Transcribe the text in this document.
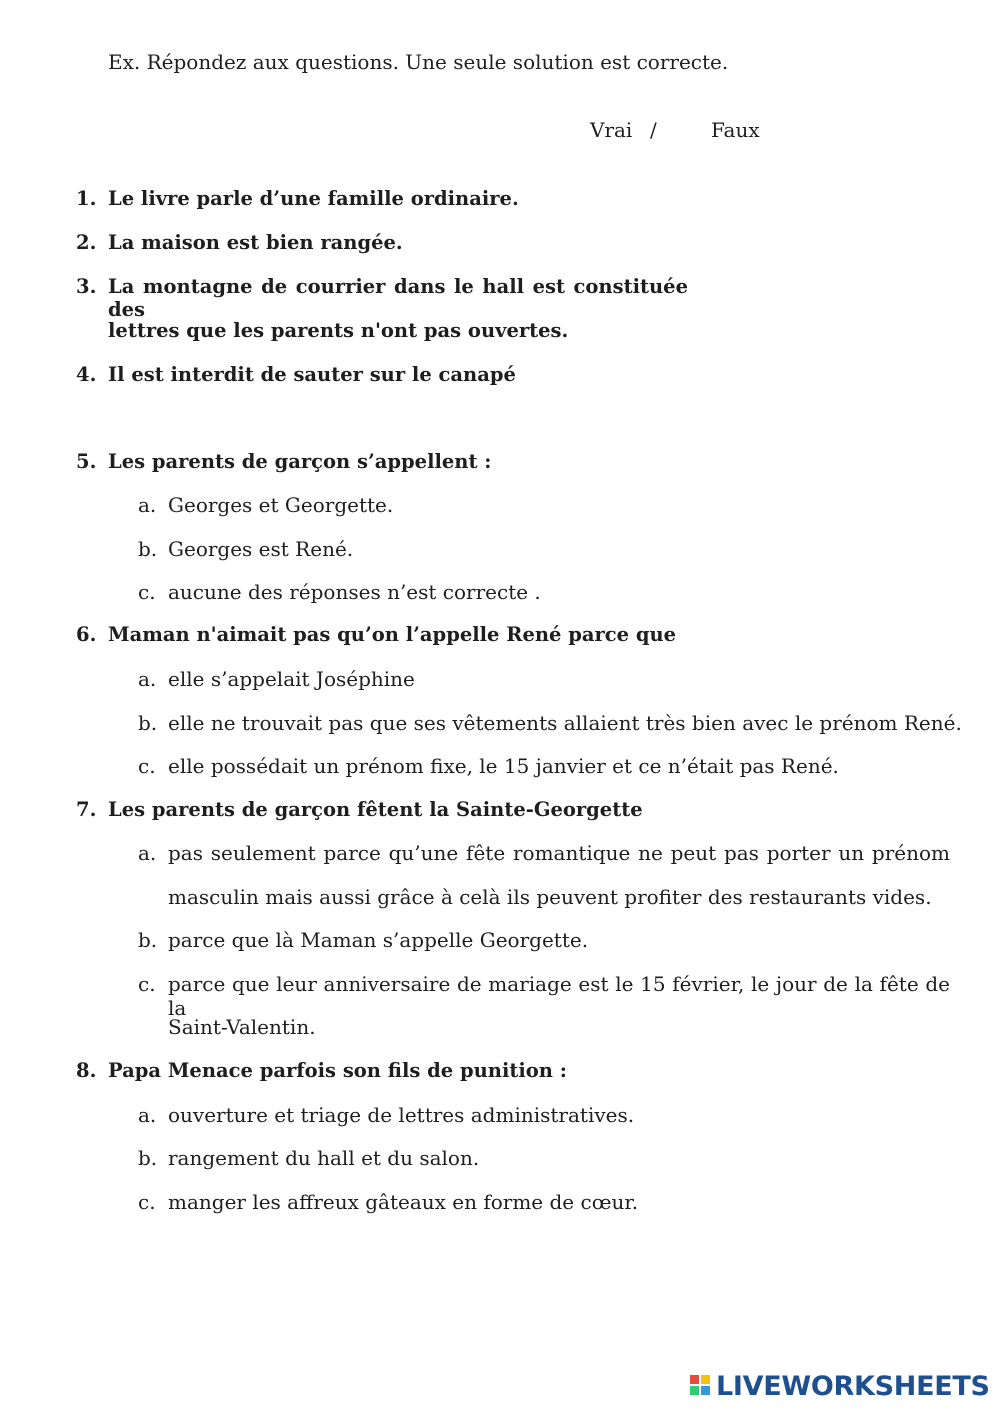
Ex. Répondez aux questions. Une seule solution est correcte.
Vrai /	Faux
1. Le livre parle d’une famille ordinaire.
2. La maison est bien rangée.
3. La montagne de courrier dans le hall est constituée des
lettres que les parents n'ont pas ouvertes.
4. Il est interdit de sauter sur le canapé
5. Les parents de garçon s’appellent :
a. Georges et Georgette.
b. Georges est René.
c. aucune des réponses n’est correcte .
6. Maman n'aimait pas qu’on l’appelle René parce que
a. elle s’appelait Joséphine
b. elle ne trouvait pas que ses vêtements allaient très bien avec le prénom René.
c. elle possédait un prénom fixe, le 15 janvier et ce n’était pas René.
7. Les parents de garçon fêtent la Sainte-Georgette
a. pas seulement parce qu’une fête romantique ne peut pas porter un prénom
masculin mais aussi grâce à celà ils peuvent profiter des restaurants vides.
b. parce que là Maman s’appelle Georgette.
c. parce que leur anniversaire de mariage est le 15 février, le jour de la fête de la
Saint-Valentin.
8. Papa Menace parfois son fils de punition :
a. ouverture et triage de lettres administratives.
b. rangement du hall et du salon.
c. manger les affreux gâteaux en forme de cœur.
LIVEWORKSHEETS
